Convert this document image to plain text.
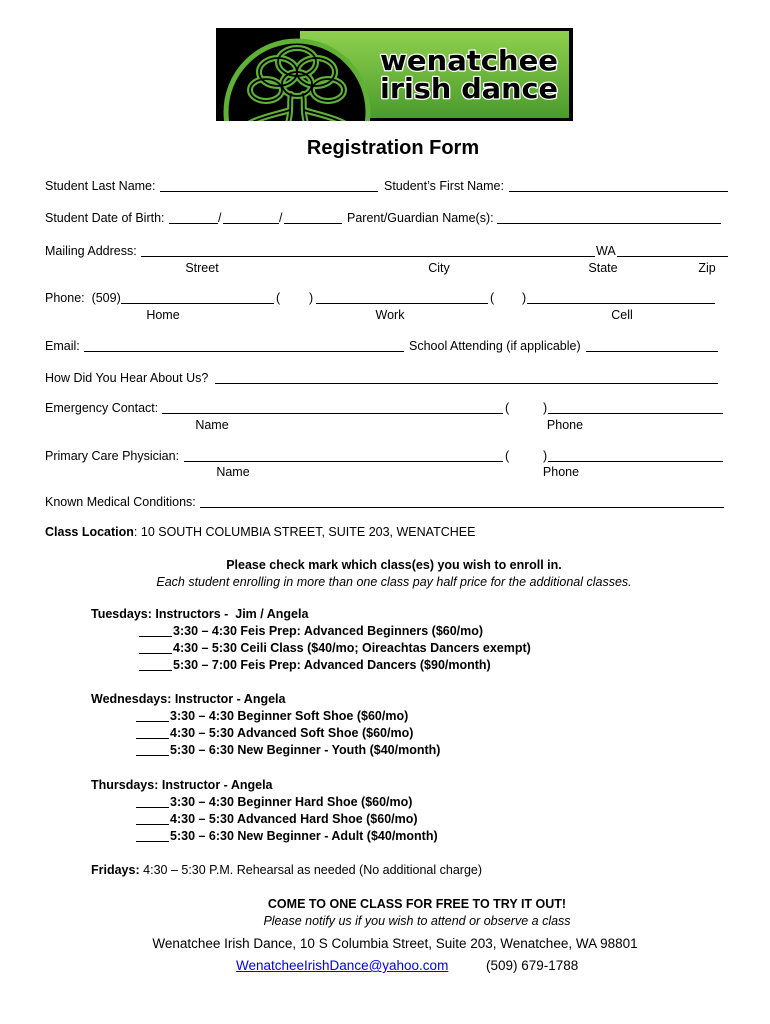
wenatchee
irish dance
Registration Form
Student Last Name:	Student’s First Name:
Student Date of Birth:	/	/	Parent/Guardian Name(s):
Mailing Address:	WA
Street	City	State	Zip
Phone:  (509)	( )	( )
Home	Work	Cell
Email:	School Attending (if applicable)
How Did You Hear About Us?
Emergency Contact:	(	)
Name	Phone
Primary Care Physician:	(	)
Name	Phone
Known Medical Conditions:
Class Location: 10 SOUTH COLUMBIA STREET, SUITE 203, WENATCHEE
Please check mark which class(es) you wish to enroll in.
Each student enrolling in more than one class pay half price for the additional classes.
Tuesdays: Instructors -  Jim / Angela
3:30 – 4:30 Feis Prep: Advanced Beginners ($60/mo)
4:30 – 5:30 Ceili Class ($40/mo; Oireachtas Dancers exempt)
5:30 – 7:00 Feis Prep: Advanced Dancers ($90/month)
Wednesdays: Instructor - Angela
3:30 – 4:30 Beginner Soft Shoe ($60/mo)
4:30 – 5:30 Advanced Soft Shoe ($60/mo)
5:30 – 6:30 New Beginner - Youth ($40/month)
Thursdays: Instructor - Angela
3:30 – 4:30 Beginner Hard Shoe ($60/mo)
4:30 – 5:30 Advanced Hard Shoe ($60/mo)
5:30 – 6:30 New Beginner - Adult ($40/month)
Fridays: 4:30 – 5:30 P.M. Rehearsal as needed (No additional charge)
COME TO ONE CLASS FOR FREE TO TRY IT OUT!
Please notify us if you wish to attend or observe a class
Wenatchee Irish Dance, 10 S Columbia Street, Suite 203, Wenatchee, WA 98801
WenatcheeIrishDance@yahoo.com	(509) 679-1788
